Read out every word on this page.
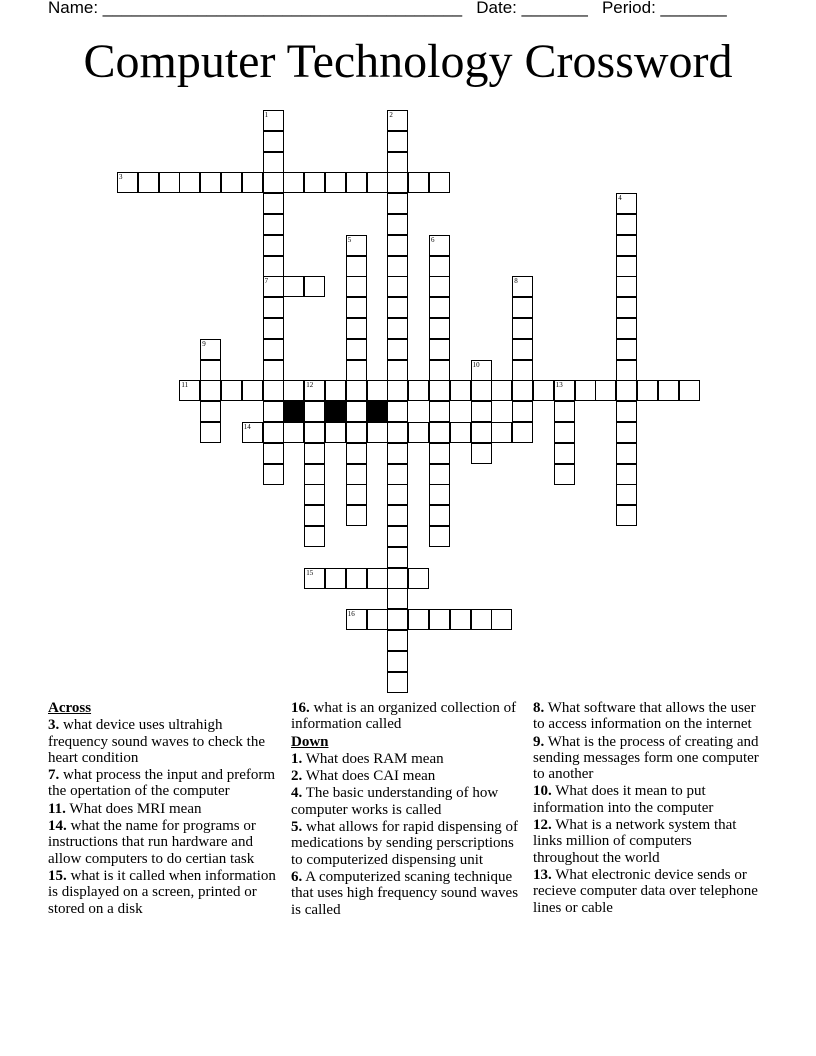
Name: ______________________________________   Date: _______   Period: _______
Computer Technology Crossword
1
7
2
3
4
5	6
8
9
10
11	12	13
14
15
16
Across
3. what device uses ultrahigh frequency sound waves to check the heart condition
7. what process the input and preform the opertation of the computer
11. What does MRI mean
14. what the name for programs or instructions that run hardware and allow computers to do certian task
15. what is it called when information is displayed on a screen, printed or stored on a disk
16. what is an organized collection of information called
Down
1. What does RAM mean
2. What does CAI mean
4. The basic understanding of how computer works is called
5. what allows for rapid dispensing of medications by sending perscriptions to computerized dispensing unit
6. A computerized scaning technique that uses high frequency sound waves is called
8. What software that allows the user to access information on the internet
9. What is the process of creating and sending messages form one computer to another
10. What does it mean to put information into the computer
12. What is a network system that links million of computers throughout the world
13. What electronic device sends or recieve computer data over telephone lines or cable
